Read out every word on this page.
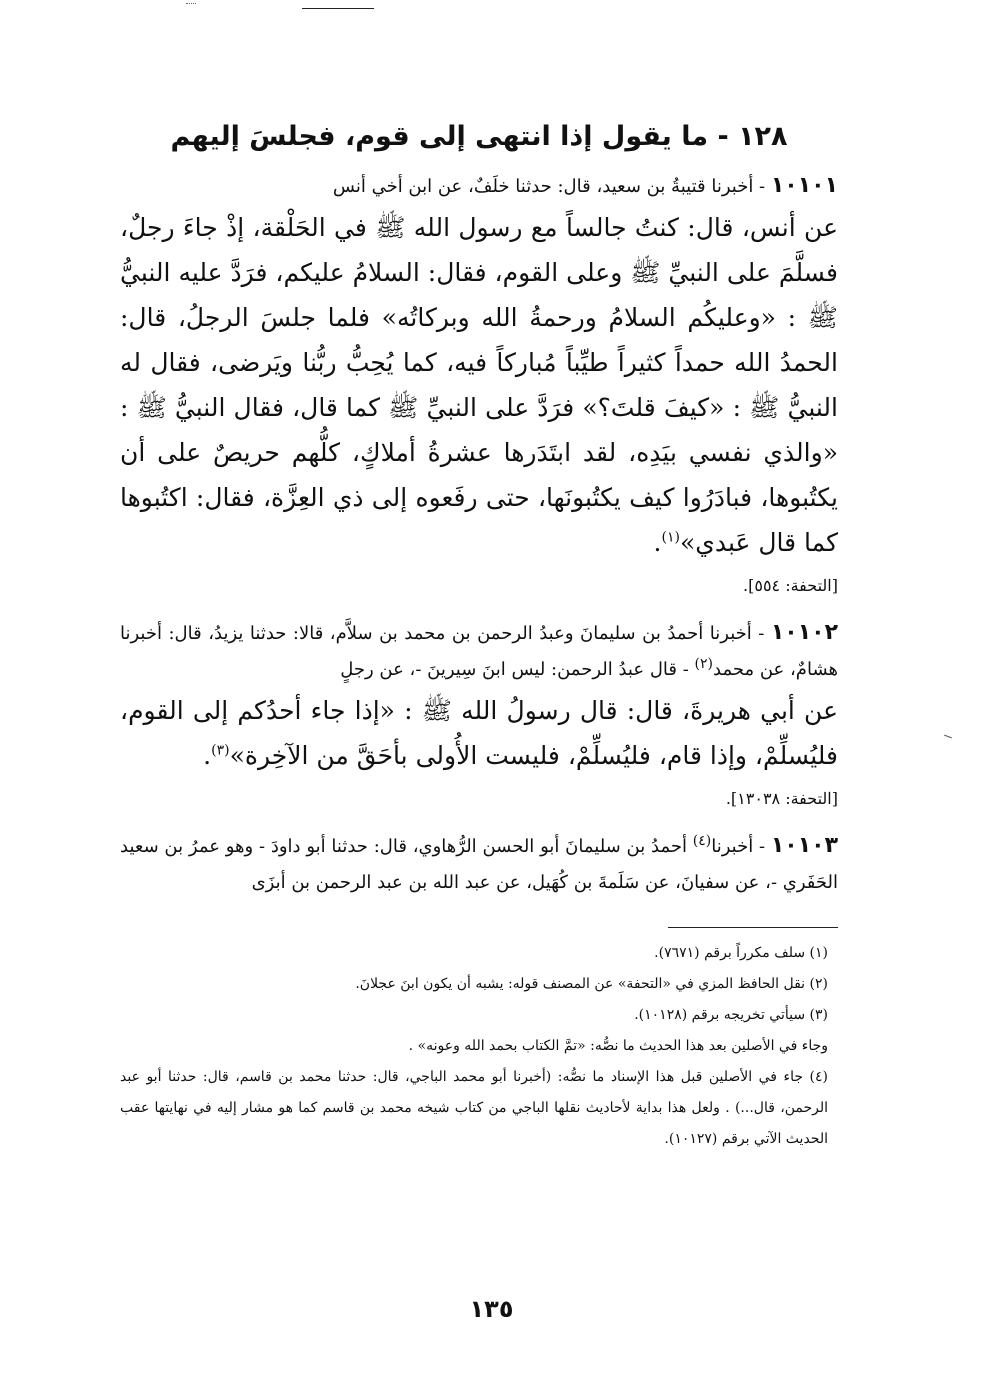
١٢٨ - ما يقول إذا انتهى إلى قوم، فجلسَ إليهم

١٠١٠١ - أخبرنا قتيبةُ بن سعيد، قال: حدثنا خلَفٌ، عن ابن أخي أنس

عن أنس، قال: كنتُ جالساً مع رسول الله ﷺ في الحَلْقة، إذْ جاءَ رجلٌ، فسلَّمَ على النبيِّ ﷺ وعلى القوم، فقال: السلامُ عليكم، فرَدَّ عليه النبيُّ ﷺ : «وعليكُم السلامُ ورحمةُ الله وبركاتُه» فلما جلسَ الرجلُ، قال: الحمدُ الله حمداً كثيراً طيِّباً مُباركاً فيه، كما يُحِبُّ ربُّنا ويَرضى، فقال له النبيُّ ﷺ : «كيفَ قلتَ؟» فرَدَّ على النبيِّ ﷺ كما قال، فقال النبيُّ ﷺ : «والذي نفسي بيَدِه، لقد ابتَدَرها عشرةُ أملاكٍ، كلُّهم حريصٌ على أن يكتُبوها، فبادَرُوا كيف يكتُبونَها، حتى رفَعوه إلى ذي العِزَّة، فقال: اكتُبوها كما قال عَبدي»$^{(١)}$.

[التحفة: ٥٥٤].

١٠١٠٢ - أخبرنا أحمدُ بن سليمانَ وعبدُ الرحمن بن محمد بن سلاَّم، قالا: حدثنا يزيدُ، قال: أخبرنا هشامٌ، عن محمد$^{(٢)}$ - قال عبدُ الرحمن: ليس ابنَ سِيرينَ -، عن رجلٍ

عن أبي هريرةَ، قال: قال رسولُ الله ﷺ : «إذا جاء أحدُكم إلى القوم، فليُسلِّمْ، وإذا قام، فليُسلِّمْ، فليست الأُولى بأحَقَّ من الآخِرة»$^{(٣)}$.

[التحفة: ١٣٠٣٨].

١٠١٠٣ - أخبرنا$^{(٤)}$ أحمدُ بن سليمانَ أبو الحسن الرُّهاوي، قال: حدثنا أبو داودَ - وهو عمرُ بن سعيد الحَفَري -، عن سفيانَ، عن سَلَمةَ بن كُهَيل، عن عبد الله بن عبد الرحمن بن أبزَى

(١) سلف مكرراً برقم (٧٦٧١).
(٢) نقل الحافظ المزي في «التحفة» عن المصنف قوله: يشبه أن يكون ابنَ عجلانَ.
(٣) سيأتي تخريجه برقم (١٠١٢٨).
وجاء في الأصلين بعد هذا الحديث ما نصُّه: «تمَّ الكتاب بحمد الله وعونه» .
(٤) جاء في الأصلين قبل هذا الإسناد ما نصُّه: (أخبرنا أبو محمد الباجي، قال: حدثنا محمد بن قاسم، قال: حدثنا أبو عبد الرحمن، قال...) . ولعل هذا بداية لأحاديث نقلها الباجي من كتاب شيخه محمد بن قاسم كما هو مشار إليه في نهايتها عقب الحديث الآتي برقم (١٠١٢٧).
١٣٥
